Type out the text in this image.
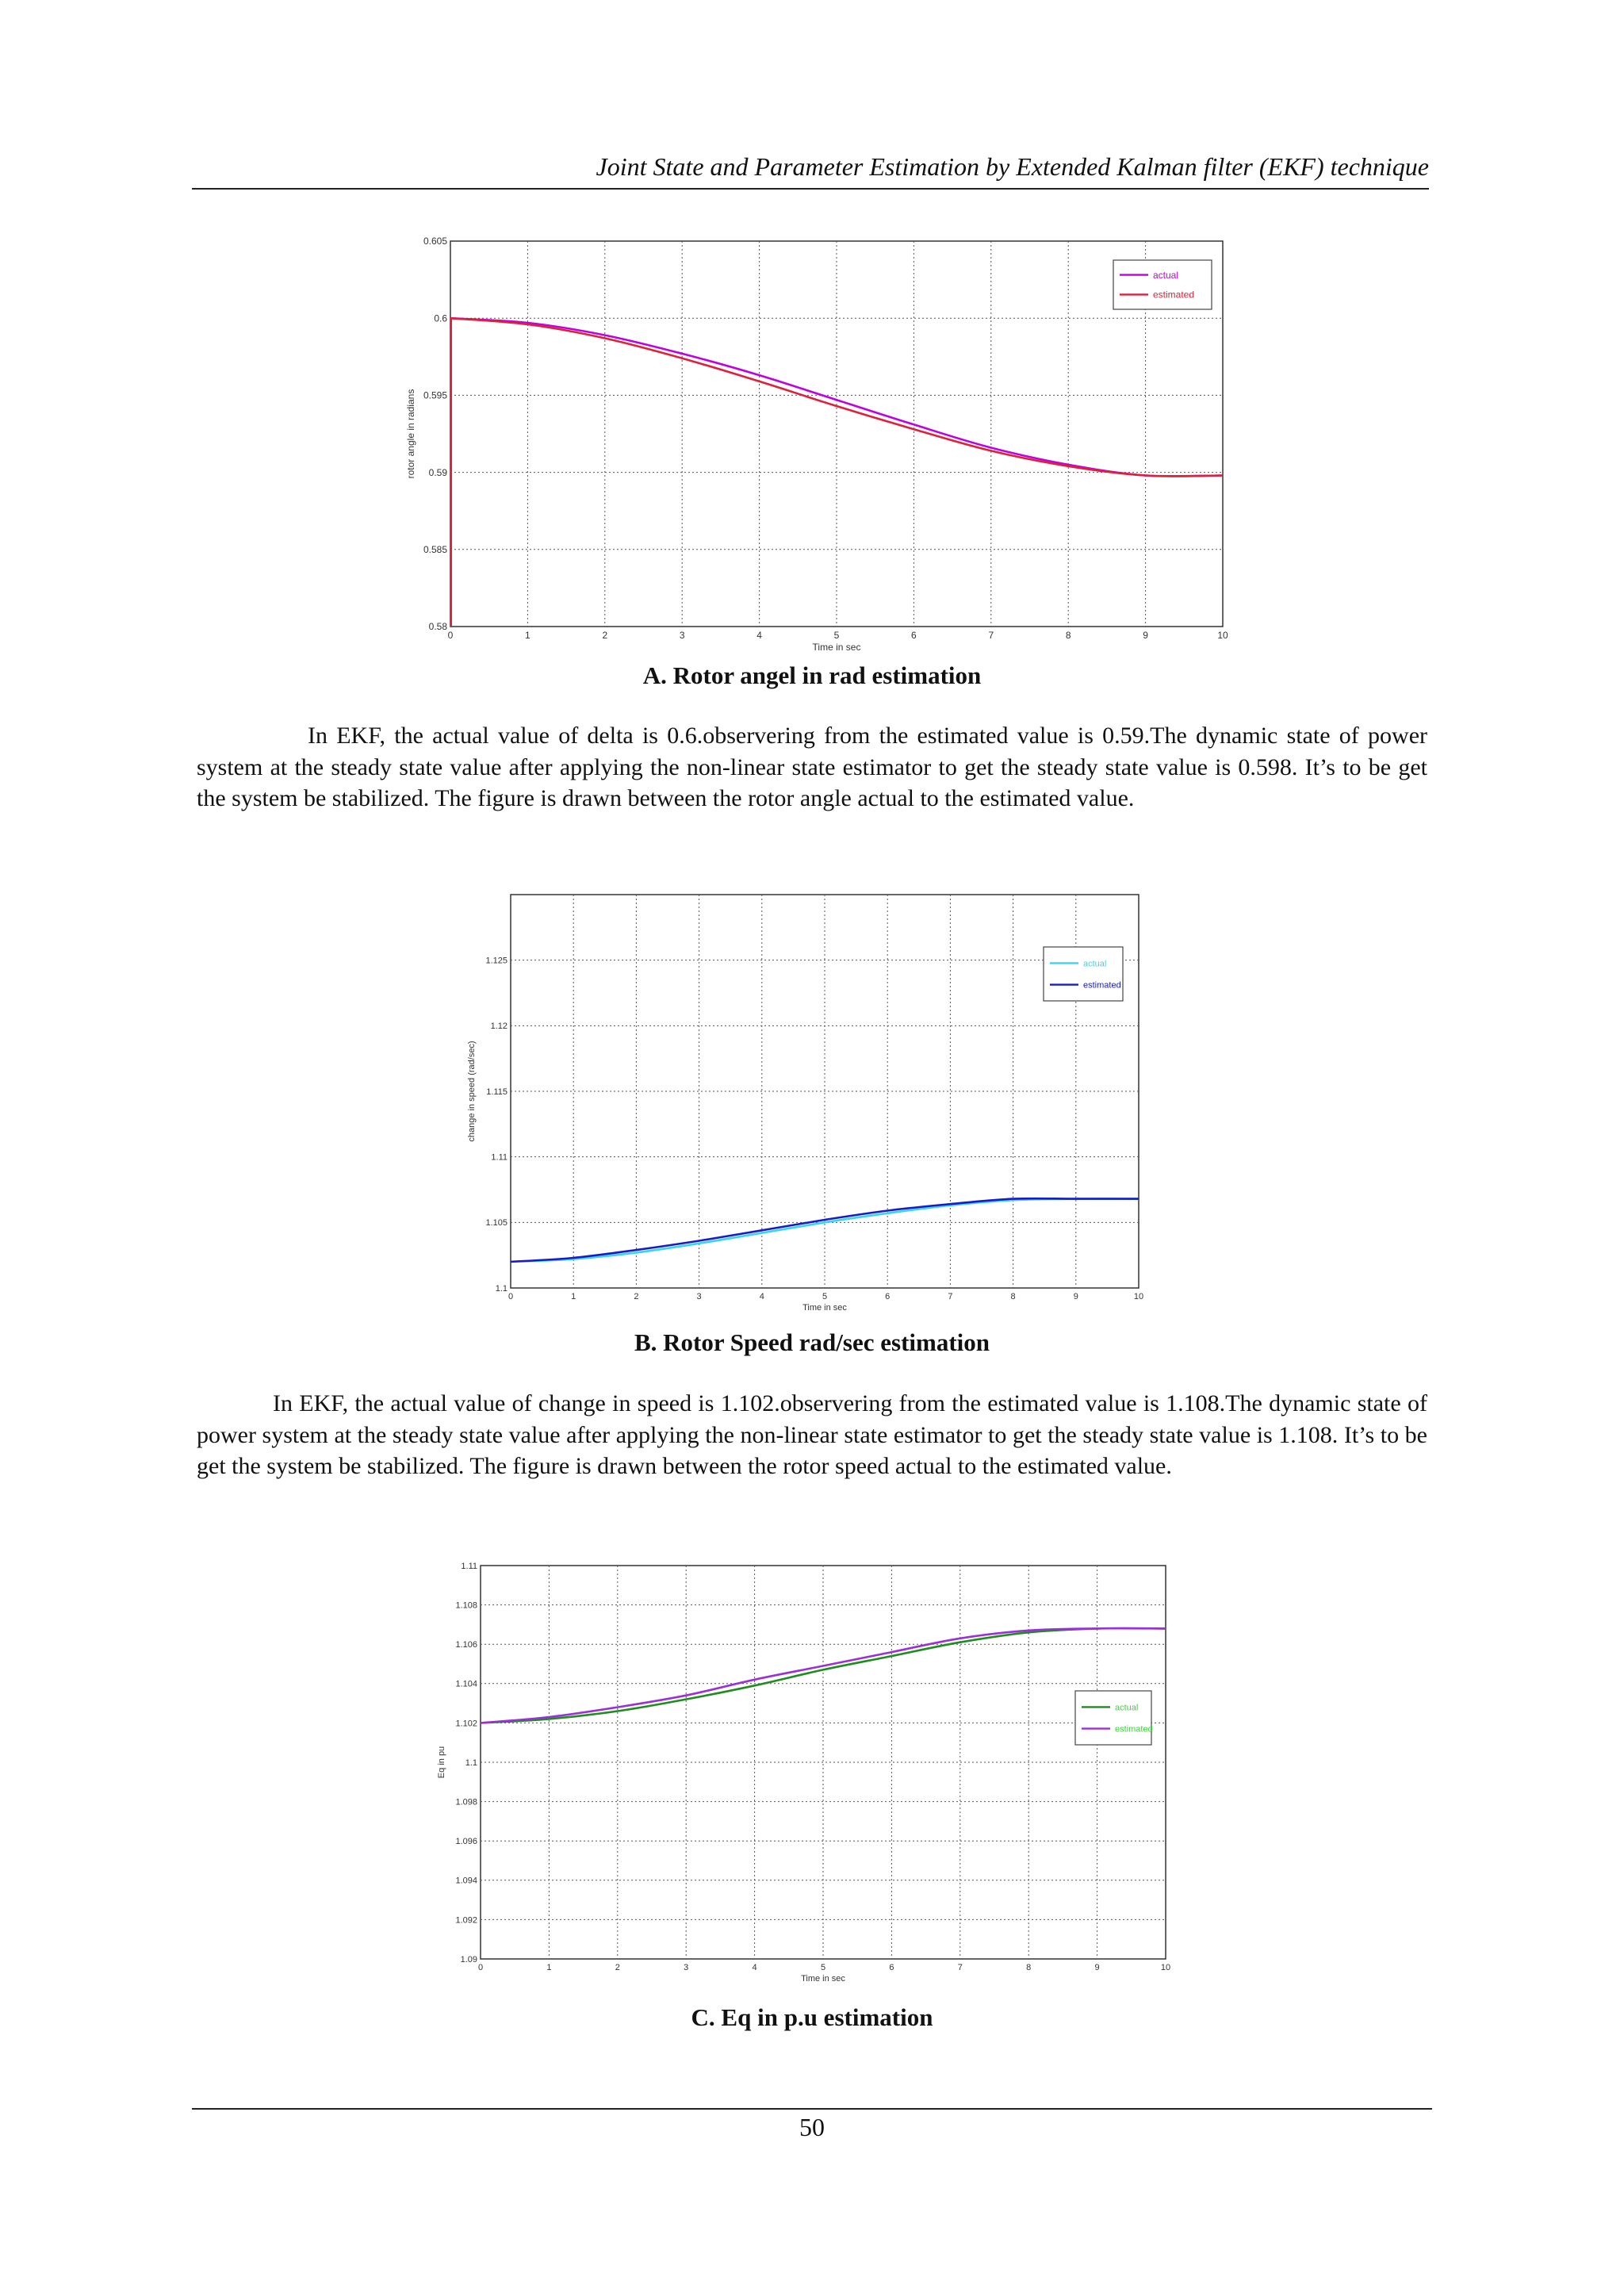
Joint State and Parameter Estimation by Extended Kalman filter (EKF) technique
0	1	2	3	4	5	6	7	8	9	10
0.58
0.585
0.59
0.595
0.6
0.605
Time in sec
rotor angle in radians
actual
estimated
A. Rotor angel in rad estimation
In EKF, the actual value of delta is 0.6.observering from the estimated value is 0.59.The dynamic state of power system at the steady state value after applying the non-linear state estimator to get the steady state value is 0.598. It’s to be get the system be stabilized. The figure is drawn between the rotor angle actual to the estimated value.
0	1	2	3	4	5	6	7	8	9	10
1.1
1.105
1.11
1.115
1.12
1.125
Time in sec
change in speed (rad/sec)
actual
estimated
B. Rotor Speed rad/sec estimation
In EKF, the actual value of change in speed is 1.102.observering from the estimated value is 1.108.The dynamic state of power system at the steady state value after applying the non-linear state estimator to get the steady state value is 1.108. It’s to be get the system be stabilized. The figure is drawn between the rotor speed actual to the estimated value.
0	1	2	3	4	5	6	7	8	9	10
1.09
1.092
1.094
1.096
1.098
1.1
1.102
1.104
1.106
1.108
1.11
Time in sec
Eq in pu
actual
estimated
C. Eq in p.u estimation
50
